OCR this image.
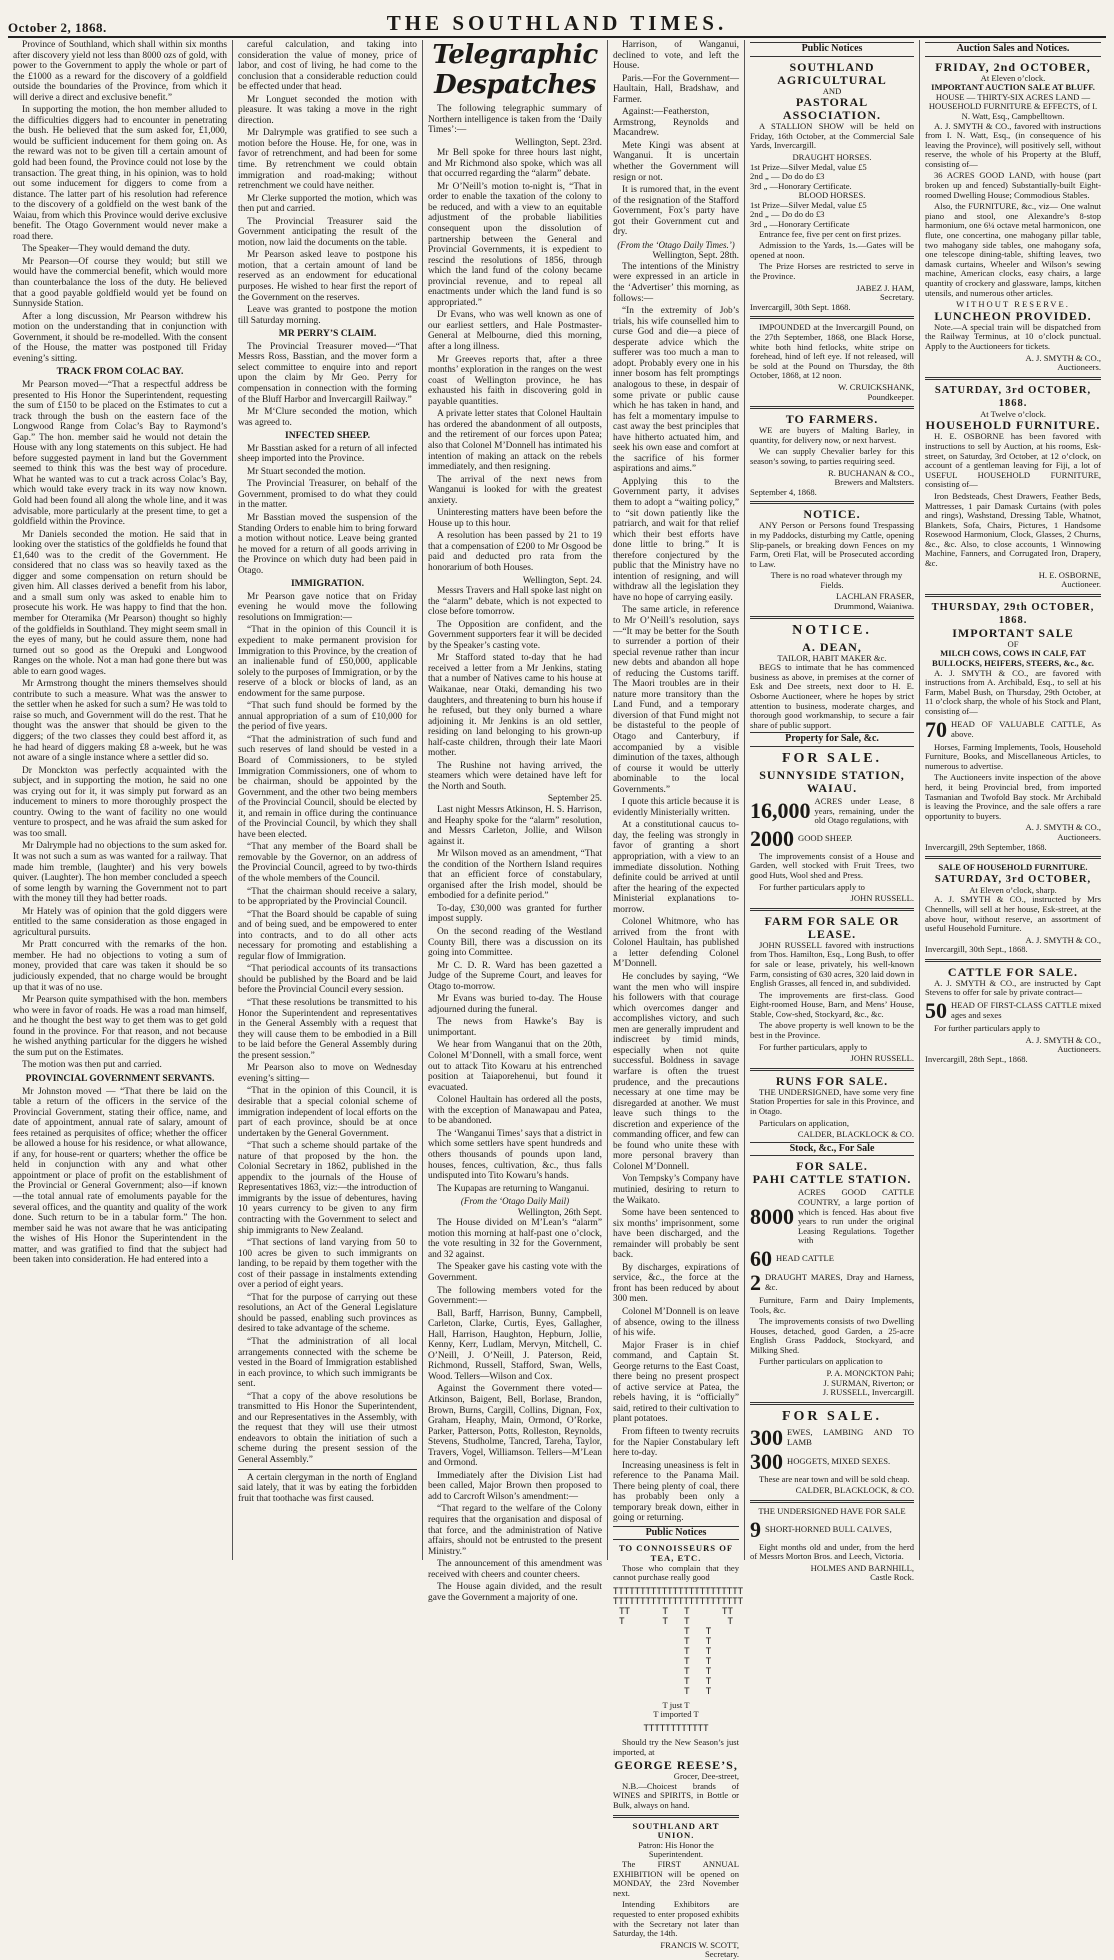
October 2, 1868.	THE SOUTHLAND TIMES.

Province of Southland, which shall within six months after discovery yield not less than 8000 ozs of gold, with power to the Government to apply the whole or part of the £1000 as a reward for the discovery of a goldfield outside the boundaries of the Province, from which it will derive a direct and exclusive benefit.”

In supporting the motion, the hon member alluded to the difficulties diggers had to encounter in penetrating the bush. He believed that the sum asked for, £1,000, would be sufficient inducement for them going on. As the reward was not to be given till a certain amount of gold had been found, the Province could not lose by the transaction. The great thing, in his opinion, was to hold out some inducement for diggers to come from a distance. The latter part of his resolution had reference to the discovery of a goldfield on the west bank of the Waiau, from which this Province would derive exclusive benefit. The Otago Government would never make a road there.

The Speaker—They would demand the duty.

Mr Pearson—Of course they would; but still we would have the commercial benefit, which would more than counterbalance the loss of the duty. He believed that a good payable goldfield would yet be found on Sunnyside Station.

After a long discussion, Mr Pearson withdrew his motion on the understanding that in conjunction with Government, it should be re-modelled. With the consent of the House, the matter was postponed till Friday evening’s sitting.

TRACK FROM COLAC BAY.

Mr Pearson moved—“That a respectful address be presented to His Honor the Superintendent, requesting the sum of £150 to be placed on the Estimates to cut a track through the bush on the eastern face of the Longwood Range from Colac’s Bay to Raymond’s Gap.” The hon. member said he would not detain the House with any long statements on this subject. He had before suggested payment in land but the Government seemed to think this was the best way of procedure. What he wanted was to cut a track across Colac’s Bay, which would take every track in its way now known. Gold had been found all along the whole line, and it was advisable, more particularly at the present time, to get a goldfield within the Province.

Mr Daniels seconded the motion. He said that in looking over the statistics of the goldfields he found that £1,640 was to the credit of the Government. He considered that no class was so heavily taxed as the digger and some compensation on return should be given him. All classes derived a benefit from his labor, and a small sum only was asked to enable him to prosecute his work. He was happy to find that the hon. member for Oteramika (Mr Pearson) thought so highly of the goldfields in Southland. They might seem small in the eyes of many, but he could assure them, none had turned out so good as the Orepuki and Longwood Ranges on the whole. Not a man had gone there but was able to earn good wages.

Mr Armstrong thought the miners themselves should contribute to such a measure. What was the answer to the settler when he asked for such a sum? He was told to raise so much, and Government will do the rest. That he thought was the answer that should be given to the diggers; of the two classes they could best afford it, as he had heard of diggers making £8 a-week, but he was not aware of a single instance where a settler did so.

Dr Monckton was perfectly acquainted with the subject, and in supporting the motion, he said no one was crying out for it, it was simply put forward as an inducement to miners to more thoroughly prospect the country. Owing to the want of facility no one would venture to prospect, and he was afraid the sum asked for was too small.

Mr Dalrymple had no objections to the sum asked for. It was not such a sum as was wanted for a railway. That made him tremble, (laughter) and his very bowels quiver. (Laughter). The hon member concluded a speech of some length by warning the Government not to part with the money till they had better roads.

Mr Hately was of opinion that the gold diggers were entitled to the same consideration as those engaged in agricultural pursuits.

Mr Pratt concurred with the remarks of the hon. member. He had no objections to voting a sum of money, provided that care was taken it should be so judiciously expended, that no charge would be brought up that it was of no use.

Mr Pearson quite sympathised with the hon. members who were in favor of roads. He was a road man himself, and he thought the best way to get them was to get gold found in the province. For that reason, and not because he wished anything particular for the diggers he wished the sum put on the Estimates.

The motion was then put and carried.

PROVINCIAL GOVERNMENT SERVANTS.

Mr Johnston moved — “That there be laid on the table a return of the officers in the service of the Provincial Government, stating their office, name, and date of appointment, annual rate of salary, amount of fees retained as perquisites of office; whether the officer be allowed a house for his residence, or what allowance, if any, for house-rent or quarters; whether the office be held in conjunction with any and what other appointment or place of profit on the establishment of the Provincial or General Government; also—if known—the total annual rate of emoluments payable for the several offices, and the quantity and quality of the work done. Such return to be in a tabular form.” The hon. member said he was not aware that he was anticipating the wishes of His Honor the Superintendent in the matter, and was gratified to find that the subject had been taken into consideration. He had entered into a

careful calculation, and taking into consideration the value of money, price of labor, and cost of living, he had come to the conclusion that a considerable reduction could be effected under that head.

Mr Longuet seconded the motion with pleasure. It was taking a move in the right direction.

Mr Dalrymple was gratified to see such a motion before the House. He, for one, was in favor of retrenchment, and had been for some time. By retrenchment we could obtain immigration and road-making; without retrenchment we could have neither.

Mr Clerke supported the motion, which was then put and carried.

The Provincial Treasurer said the Government anticipating the result of the motion, now laid the documents on the table.

Mr Pearson asked leave to postpone his motion, that a certain amount of land be reserved as an endowment for educational purposes. He wished to hear first the report of the Government on the reserves.

Leave was granted to postpone the motion till Saturday morning.

MR PERRY’S CLAIM.

The Provincial Treasurer moved—“That Messrs Ross, Basstian, and the mover form a select committee to enquire into and report upon the claim by Mr Geo. Perry for compensation in connection with the forming of the Bluff Harbor and Invercargill Railway.”

Mr M‘Clure seconded the motion, which was agreed to.

INFECTED SHEEP.

Mr Basstian asked for a return of all infected sheep imported into the Province.

Mr Stuart seconded the motion.

The Provincial Treasurer, on behalf of the Government, promised to do what they could in the matter.

Mr Basstian moved the suspension of the Standing Orders to enable him to bring forward a motion without notice. Leave being granted he moved for a return of all goods arriving in the Province on which duty had been paid in Otago.

IMMIGRATION.

Mr Pearson gave notice that on Friday evening he would move the following resolutions on Immigration:—

“That in the opinion of this Council it is expedient to make permanent provision for Immigration to this Province, by the creation of an inalienable fund of £50,000, applicable solely to the purposes of Immigration, or by the reserve of a block or blocks of land, as an endowment for the same purpose.

“That such fund should be formed by the annual appropriation of a sum of £10,000 for the period of five years.

“That the administration of such fund and such reserves of land should be vested in a Board of Commissioners, to be styled Immigration Commissioners, one of whom to be chairman, should be appointed by the Government, and the other two being members of the Provincial Council, should be elected by it, and remain in office during the continuance of the Provincial Council, by which they shall have been elected.

“That any member of the Board shall be removable by the Governor, on an address of the Provincial Council, agreed to by two-thirds of the whole members of the Council.

“That the chairman should receive a salary, to be appropriated by the Provincial Council.

“That the Board should be capable of suing and of being sued, and be empowered to enter into contracts, and to do all other acts necessary for promoting and establishing a regular flow of Immigration.

“That periodical accounts of its transactions should be published by the Board and be laid before the Provincial Council every session.

“That these resolutions be transmitted to his Honor the Superintendent and representatives in the General Assembly with a request that they will cause them to be embodied in a Bill to be laid before the General Assembly during the present session.”

Mr Pearson also to move on Wednesday evening’s sitting—

“That in the opinion of this Council, it is desirable that a special colonial scheme of immigration independent of local efforts on the part of each province, should be at once undertaken by the General Government.

“That such a scheme should partake of the nature of that proposed by the hon. the Colonial Secretary in 1862, published in the appendix to the journals of the House of Representatives 1863, viz:—the introduction of immigrants by the issue of debentures, having 10 years currency to be given to any firm contracting with the Government to select and ship immigrants to New Zealand.

“That sections of land varying from 50 to 100 acres be given to such immigrants on landing, to be repaid by them together with the cost of their passage in instalments extending over a period of eight years.

“That for the purpose of carrying out these resolutions, an Act of the General Legislature should be passed, enabling such provinces as desired to take advantage of the scheme.

“That the administration of all local arrangements connected with the scheme be vested in the Board of Immigration established in each province, to which such immigrants be sent.

“That a copy of the above resolutions be transmitted to His Honor the Superintendent, and our Representatives in the Assembly, with the request that they will use their utmost endeavors to obtain the initiation of such a scheme during the present session of the General Assembly.”

A certain clergyman in the north of England said lately, that it was by eating the forbidden fruit that toothache was first caused.

Telegraphic Despatches

The following telegraphic summary of Northern intelligence is taken from the ‘Daily Times’:—

Wellington, Sept. 23rd.

Mr Bell spoke for three hours last night, and Mr Richmond also spoke, which was all that occurred regarding the “alarm” debate.

Mr O’Neill’s motion to-night is, “That in order to enable the taxation of the colony to be reduced, and with a view to an equitable adjustment of the probable liabilities consequent upon the dissolution of partnership between the General and Provincial Governments, it is expedient to rescind the resolutions of 1856, through which the land fund of the colony became provincial revenue, and to repeal all enactments under which the land fund is so appropriated.”

Dr Evans, who was well known as one of our earliest settlers, and Hale Postmaster-General at Melbourne, died this morning, after a long illness.

Mr Greeves reports that, after a three months’ exploration in the ranges on the west coast of Wellington province, he has exhausted his faith in discovering gold in payable quantities.

A private letter states that Colonel Haultain has ordered the abandonment of all outposts, and the retirement of our forces upon Patea; also that Colonel M’Donnell has intimated his intention of making an attack on the rebels immediately, and then resigning.

The arrival of the next news from Wanganui is looked for with the greatest anxiety.

Uninteresting matters have been before the House up to this hour.

A resolution has been passed by 21 to 19 that a compensation of £200 to Mr Osgood be paid and deducted pro rata from the honorarium of both Houses.

Wellington, Sept. 24.

Messrs Travers and Hall spoke last night on the “alarm” debate, which is not expected to close before tomorrow.

The Opposition are confident, and the Government supporters fear it will be decided by the Speaker’s casting vote.

Mr Stafford stated to-day that he had received a letter from a Mr Jenkins, stating that a number of Natives came to his house at Waikanae, near Otaki, demanding his two daughters, and threatening to burn his house if he refused, but they only burned a whare adjoining it. Mr Jenkins is an old settler, residing on land belonging to his grown-up half-caste children, through their late Maori mother.

The Rushine not having arrived, the steamers which were detained have left for the North and South.

September 25.

Last night Messrs Atkinson, H. S. Harrison, and Heaphy spoke for the “alarm” resolution, and Messrs Carleton, Jollie, and Wilson against it.

Mr Wilson moved as an amendment, “That the condition of the Northern Island requires that an efficient force of constabulary, organised after the Irish model, should be embodied for a definite period.”

To-day, £30,000 was granted for further impost supply.

On the second reading of the Westland County Bill, there was a discussion on its going into Committee.

Mr C. D. R. Ward has been gazetted a Judge of the Supreme Court, and leaves for Otago to-morrow.

Mr Evans was buried to-day. The House adjourned during the funeral.

The news from Hawke’s Bay is unimportant.

We hear from Wanganui that on the 20th, Colonel M’Donnell, with a small force, went out to attack Tito Kowaru at his entrenched position at Taiaporehenui, but found it evacuated.

Colonel Haultain has ordered all the posts, with the exception of Manawapau and Patea, to be abandoned.

The ‘Wanganui Times’ says that a district in which some settlers have spent hundreds and others thousands of pounds upon land, houses, fences, cultivation, &c., thus falls undisputed into Tito Kowaru’s hands.

The Kupapas are returning to Wanganui.

(From the ‘Otago Daily Mail)
Wellington, 26th Sept.

The House divided on M’Lean’s “alarm” motion this morning at half-past one o’clock, the vote resulting in 32 for the Government, and 32 against.

The Speaker gave his casting vote with the Government.

The following members voted for the Government:—

Ball, Barff, Harrison, Bunny, Campbell, Carleton, Clarke, Curtis, Eyes, Gallagher, Hall, Harrison, Haughton, Hepburn, Jollie, Kenny, Kerr, Ludlam, Mervyn, Mitchell, C. O’Neill, J. O’Neill, J. Paterson, Reid, Richmond, Russell, Stafford, Swan, Wells, Wood. Tellers—Wilson and Cox.

Against the Government there voted—Atkinson, Baigent, Bell, Borlase, Brandon, Brown, Burns, Cargill, Collins, Dignan, Fox, Graham, Heaphy, Main, Ormond, O’Rorke, Parker, Patterson, Potts, Rolleston, Reynolds, Stevens, Studholme, Tancred, Tareha, Taylor, Travers, Vogel, Williamson. Tellers—M’Lean and Ormond.

Immediately after the Division List had been called, Major Brown then proposed to add to Carcroft Wilson’s amendment:—

“That regard to the welfare of the Colony requires that the organisation and disposal of that force, and the administration of Native affairs, should not be entrusted to the present Ministry.”

The announcement of this amendment was received with cheers and counter cheers.

The House again divided, and the result gave the Government a majority of one.

Harrison, of Wanganui, declined to vote, and left the House.

Paris.—For the Government—Haultain, Hall, Bradshaw, and Farmer.

Against:—Featherston, Armstrong, Reynolds and Macandrew.

Mete Kingi was absent at Wanganui. It is uncertain whether the Government will resign or not.

It is rumored that, in the event of the resignation of the Stafford Government, Fox’s party have got their Government cut and dry.

(From the ‘Otago Daily Times.’)
Wellington, Sept. 28th.

The intentions of the Ministry were expressed in an article in the ‘Advertiser’ this morning, as follows:—

“In the extremity of Job’s trials, his wife counselled him to curse God and die—a piece of desperate advice which the sufferer was too much a man to adopt. Probably every one in his inner bosom has felt promptings analogous to these, in despair of some private or public cause which he has taken in hand, and has felt a momentary impulse to cast away the best principles that have hitherto actuated him, and seek his own ease and comfort at the sacrifice of his former aspirations and aims.”

Applying this to the Government party, it advises them to adopt a “waiting policy,” to “sit down patiently like the patriarch, and wait for that relief which their best efforts have done little to bring.” It is therefore conjectured by the public that the Ministry have no intention of resigning, and will withdraw all the legislation they have no hope of carrying easily.

The same article, in reference to Mr O’Neill’s resolution, says—“It may be better for the South to surrender a portion of their special revenue rather than incur new debts and abandon all hope of reducing the Customs tariff. The Maori troubles are in their nature more transitory than the Land Fund, and a temporary diversion of that Fund might not be distasteful to the people of Otago and Canterbury, if accompanied by a visible diminution of the taxes, although of course it would be utterly abominable to the local Governments.”

I quote this article because it is evidently Ministerially written.

At a constitutional caucus to-day, the feeling was strongly in favor of granting a short appropriation, with a view to an immediate dissolution. Nothing definite could be arrived at until after the hearing of the expected Ministerial explanations to-morrow.

Colonel Whitmore, who has arrived from the front with Colonel Haultain, has published a letter defending Colonel M’Donnell.

He concludes by saying, “We want the men who will inspire his followers with that courage which overcomes danger and accomplishes victory, and such men are generally imprudent and indiscreet by timid minds, especially when not quite successful. Boldness in savage warfare is often the truest prudence, and the precautions necessary at one time may be disregarded at another. We must leave such things to the discretion and experience of the commanding officer, and few can be found who unite these with more personal bravery than Colonel M’Donnell.

Von Tempsky’s Company have mutinied, desiring to return to the Waikato.

Some have been sentenced to six months’ imprisonment, some have been discharged, and the remainder will probably be sent back.

By discharges, expirations of service, &c., the force at the front has been reduced by about 300 men.

Colonel M’Donnell is on leave of absence, owing to the illness of his wife.

Major Fraser is in chief command, and Captain St. George returns to the East Coast, there being no present prospect of active service at Patea, the rebels having, it is “officially” said, retired to their cultivation to plant potatoes.

From fifteen to twenty recruits for the Napier Constabulary left here to-day.

Increasing uneasiness is felt in reference to the Panama Mail. There being plenty of coal, there has probably been only a temporary break down, either in going or returning.

Public Notices
TO CONNOISSEURS OF TEA, ETC.

Those who complain that they cannot purchase really good

TTTTTTTTTTTTTTTTTTTTTTTT
TTTTTTTTTTTTTTTTTTTTTTTT
TT      T   T      TT
T       T   T       T
T   T
T   T
T   T
T   T
T   T
T   T
T   T
T just T
T imported T
TTTTTTTTTTTT

Should try the New Season’s just imported, at

GEORGE REESE’S,
Grocer, Dee-street,

N.B.—Choicest brands of WINES and SPIRITS, in Bottle or Bulk, always on hand.

SOUTHLAND ART UNION.
Patron: His Honor the Superintendent.

The FIRST ANNUAL EXHIBITION will be opened on MONDAY, the 23rd November next.

Intending Exhibitors are requested to enter proposed exhibits with the Secretary not later than Saturday, the 14th.

FRANCIS W. SCOTT,
Secretary.
Public Notices
SOUTHLAND AGRICULTURAL
AND
PASTORAL ASSOCIATION.

A STALLION SHOW will be held on Friday, 16th October, at the Commercial Sale Yards, Invercargill.

DRAUGHT HORSES.
1st Prize—Silver Medal, value £5
2nd „ — Do do do £3
3rd „ —Honorary Certificate.
BLOOD HORSES.
1st Prize—Silver Medal, value £5
2nd „ — Do do do £3
3rd „ —Honorary Certificate

Entrance fee, five per cent on first prizes.

Admission to the Yards, 1s.—Gates will be opened at noon.

The Prize Horses are restricted to serve in the Province.

JABEZ J. HAM,
Secretary.
Invercargill, 30th Sept. 1868.

IMPOUNDED at the Invercargill Pound, on the 27th September, 1868, one Black Horse, white both hind fetlocks, white stripe on forehead, hind of left eye. If not released, will be sold at the Pound on Thursday, the 8th October, 1868, at 12 noon.

W. CRUICKSHANK,
Poundkeeper.
TO FARMERS.

WE are buyers of Malting Barley, in quantity, for delivery now, or next harvest.

We can supply Chevalier barley for this season’s sowing, to parties requiring seed.

R. BUCHANAN & CO.,
Brewers and Maltsters.
September 4, 1868.
NOTICE.

ANY Person or Persons found Trespassing in my Paddocks, disturbing my Cattle, opening Slip-panels, or breaking down Fences on my Farm, Oreti Flat, will be Prosecuted according to Law.

There is no road whatever through my Fields.

LACHLAN FRASER,
Drummond, Waianiwa.
NOTICE.
A. DEAN,
TAILOR, HABIT MAKER &c.

BEGS to intimate that he has commenced business as above, in premises at the corner of Esk and Dee streets, next door to H. E. Osborne Auctioneer, where he hopes by strict attention to business, moderate charges, and thorough good workmanship, to secure a fair share of public support.

Property for Sale, &c.
FOR SALE.
SUNNYSIDE STATION, WAIAU.
16,000 ACRES under Lease, 8 years, remaining, under the old Otago regulations, with
2000 GOOD SHEEP.

The improvements consist of a House and Garden, well stocked with Fruit Trees, two good Huts, Wool shed and Press.

For further particulars apply to

JOHN RUSSELL.
FARM FOR SALE OR LEASE.

JOHN RUSSELL favored with instructions from Thos. Hamilton, Esq., Long Bush, to offer for sale or lease, privately, his well-known Farm, consisting of 630 acres, 320 laid down in English Grasses, all fenced in, and subdivided.

The improvements are first-class. Good Eight-roomed House, Barn, and Mens’ House, Stable, Cow-shed, Stockyard, &c., &c.

The above property is well known to be the best in the Province.

For further particulars, apply to

JOHN RUSSELL.
RUNS FOR SALE.

THE UNDERSIGNED, have some very fine Station Properties for sale in this Province, and in Otago.

Particulars on application,

CALDER, BLACKLOCK & CO.
Stock, &c., For Sale
FOR SALE.
PAHI CATTLE STATION.
8000
ACRES GOOD CATTLE COUNTRY, a large portion of which is fenced. Has about five years to run under the original Leasing Regulations. Together with
60 HEAD CATTLE
2 DRAUGHT MARES, Dray and Harness, &c.

Furniture, Farm and Dairy Implements, Tools, &c.

The improvements consists of two Dwelling Houses, detached, good Garden, a 25-acre English Grass Paddock, Stockyard, and Milking Shed.

Further particulars on application to

P. A. MONCKTON Pahi;
J. SURMAN, Riverton; or
J. RUSSELL, Invercargill.
FOR SALE.
300 EWES, LAMBING AND TO LAMB
300 HOGGETS, MIXED SEXES.

These are near town and will be sold cheap.

CALDER, BLACKLOCK, & CO.
THE UNDERSIGNED HAVE FOR SALE
9 SHORT-HORNED BULL CALVES,

Eight months old and under, from the herd of Messrs Morton Bros. and Leech, Victoria.

HOLMES AND BARNHILL,
Castle Rock.
Auction Sales and Notices.
FRIDAY, 2nd OCTOBER,
At Eleven o’clock.
IMPORTANT AUCTION SALE AT BLUFF.
HOUSE — THIRTY-SIX ACRES LAND — HOUSEHOLD FURNITURE & EFFECTS, of I. N. Watt, Esq., Campbelltown.

A. J. SMYTH & CO., favored with instructions from I. N. Watt, Esq., (in consequence of his leaving the Province), will positively sell, without reserve, the whole of his Property at the Bluff, consisting of—

36 ACRES GOOD LAND, with house (part broken up and fenced) Substantially-built Eight-roomed Dwelling House; Commodious Stables.

Also, the FURNITURE, &c., viz— One walnut piano and stool, one Alexandre’s 8-stop harmonium, one 6¼ octave metal harmonicon, one flute, one concertina, one mahogany pillar table, two mahogany side tables, one mahogany sofa, one telescope dining-table, shifting leaves, two damask curtains, Wheeler and Wilson’s sewing machine, American clocks, easy chairs, a large quantity of crockery and glassware, lamps, kitchen utensils, and numerous other articles.

WITHOUT RESERVE.
LUNCHEON PROVIDED.

Note.—A special train will be dispatched from the Railway Terminus, at 10 o’clock punctual. Apply to the Auctioneers for tickets.

A. J. SMYTH & CO.,
Auctioneers.
SATURDAY, 3rd OCTOBER, 1868.
At Twelve o’clock.
HOUSEHOLD FURNITURE.

H. E. OSBORNE has been favored with instructions to sell by Auction, at his rooms, Esk-street, on Saturday, 3rd October, at 12 o’clock, on account of a gentleman leaving for Fiji, a lot of USEFUL HOUSEHOLD FURNITURE, consisting of—

Iron Bedsteads, Chest Drawers, Feather Beds, Mattresses, 1 pair Damask Curtains (with poles and rings), Washstand, Dressing Table, Whatnot, Blankets, Sofa, Chairs, Pictures, 1 Handsome Rosewood Harmonium, Clock, Glasses, 2 Churns, &c., &c. Also, to close accounts, 1 Winnowing Machine, Fanners, and Corrugated Iron, Drapery, &c.

H. E. OSBORNE,
Auctioneer.
THURSDAY, 29th OCTOBER, 1868.
IMPORTANT SALE
OF
MILCH COWS, COWS IN CALF, FAT BULLOCKS, HEIFERS, STEERS, &c., &c.

A. J. SMYTH & CO., are favored with instructions from A. Archibald, Esq., to sell at his Farm, Mabel Bush, on Thursday, 29th October, at 11 o’clock sharp, the whole of his Stock and Plant, consisting of—

70 HEAD OF VALUABLE CATTLE, As above.

Horses, Farming Implements, Tools, Household Furniture, Books, and Miscellaneous Articles, to numerous to advertise.

The Auctioneers invite inspection of the above herd, it being Provincial bred, from imported Tasmanian and Twofold Bay stock. Mr Archibald is leaving the Province, and the sale offers a rare opportunity to buyers.

A. J. SMYTH & CO.,
Auctioneers.
Invercargill, 29th September, 1868.
SALE OF HOUSEHOLD FURNITURE.
SATURDAY, 3rd OCTOBER,
At Eleven o’clock, sharp.

A. J. SMYTH & CO., instructed by Mrs Chennells, will sell at her house, Esk-street, at the above hour, without reserve, an assortment of useful Household Furniture.

A. J. SMYTH & CO.,
Invercargill, 30th Sept., 1868.
CATTLE FOR SALE.

A. J. SMYTH & CO., are instructed by Capt Stevens to offer for sale by private contract—

50 HEAD OF FIRST-CLASS CATTLE mixed ages and sexes

For further particulars apply to

A. J. SMYTH & CO.,
Auctioneers.
Invercargill, 28th Sept., 1868.
